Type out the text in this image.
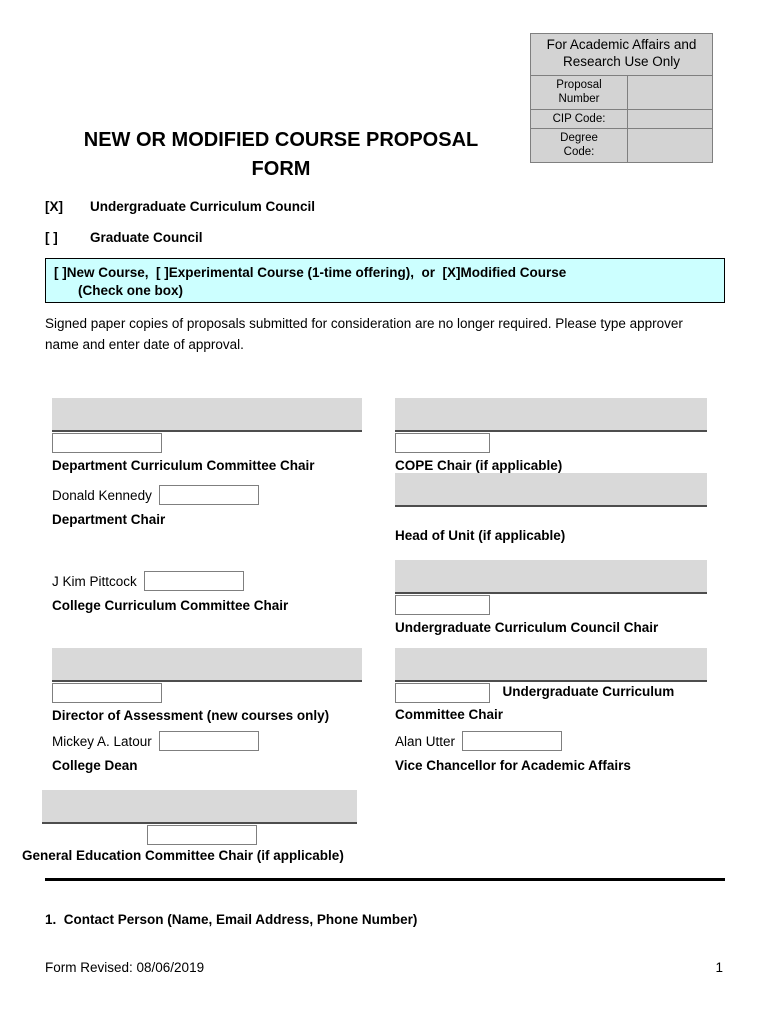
For Academic Affairs and Research Use Only
Proposal Number
CIP Code:
Degree Code:
NEW OR MODIFIED COURSE PROPOSAL
FORM
[X]	Undergraduate Curriculum Council
[ ]	Graduate Council
[ ]New Course,  [ ]Experimental Course (1-time offering),  or  [X]Modified Course
(Check one box)
Signed paper copies of proposals submitted for consideration are no longer required. Please type approver name and enter date of approval.
Department Curriculum Committee Chair
Donald Kennedy
Department Chair
J Kim Pittcock
College Curriculum Committee Chair
Director of Assessment (new courses only)
Mickey A. Latour
College Dean
General Education Committee Chair (if applicable)
COPE Chair (if applicable)
Head of Unit (if applicable)
Undergraduate Curriculum Council Chair
Undergraduate Curriculum
Committee Chair
Alan Utter
Vice Chancellor for Academic Affairs
1.  Contact Person (Name, Email Address, Phone Number)
Form Revised: 08/06/2019	1
